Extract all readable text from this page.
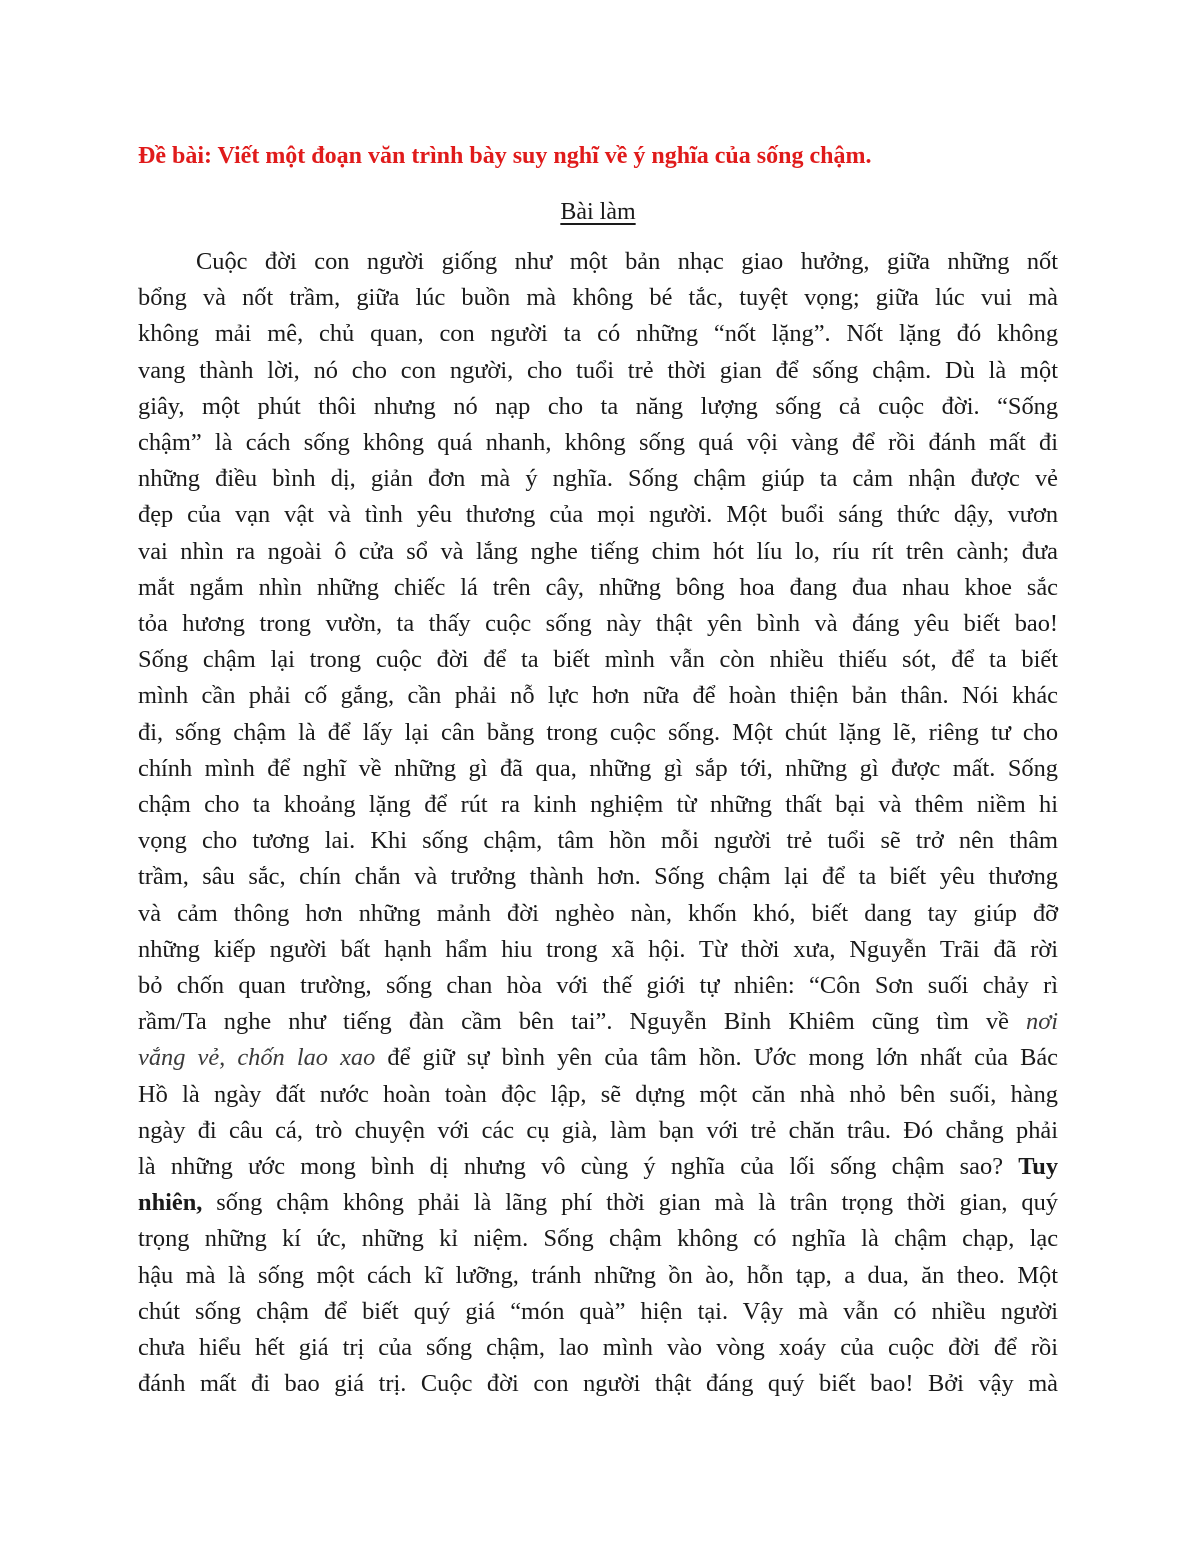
Đề bài: Viết một đoạn văn trình bày suy nghĩ về ý nghĩa của sống chậm.

Bài làm
Cuộc đời con người giống như một bản nhạc giao hưởng, giữa những nốt
bổng và nốt trầm, giữa lúc buồn mà không bé tắc, tuyệt vọng; giữa lúc vui mà
không mải mê, chủ quan, con người ta có những “nốt lặng”. Nốt lặng đó không
vang thành lời, nó cho con người, cho tuổi trẻ thời gian để sống chậm. Dù là một
giây, một phút thôi nhưng nó nạp cho ta năng lượng sống cả cuộc đời. “Sống
chậm” là cách sống không quá nhanh, không sống quá vội vàng để rồi đánh mất đi
những điều bình dị, giản đơn mà ý nghĩa. Sống chậm giúp ta cảm nhận được vẻ
đẹp của vạn vật và tình yêu thương của mọi người. Một buổi sáng thức dậy, vươn
vai nhìn ra ngoài ô cửa sổ và lắng nghe tiếng chim hót líu lo, ríu rít trên cành; đưa
mắt ngắm nhìn những chiếc lá trên cây, những bông hoa đang đua nhau khoe sắc
tỏa hương trong vườn, ta thấy cuộc sống này thật yên bình và đáng yêu biết bao!
Sống chậm lại trong cuộc đời để ta biết mình vẫn còn nhiều thiếu sót, để ta biết
mình cần phải cố gắng, cần phải nỗ lực hơn nữa để hoàn thiện bản thân. Nói khác
đi, sống chậm là để lấy lại cân bằng trong cuộc sống. Một chút lặng lẽ, riêng tư cho
chính mình để nghĩ về những gì đã qua, những gì sắp tới, những gì được mất. Sống
chậm cho ta khoảng lặng để rút ra kinh nghiệm từ những thất bại và thêm niềm hi
vọng cho tương lai. Khi sống chậm, tâm hồn mỗi người trẻ tuổi sẽ trở nên thâm
trầm, sâu sắc, chín chắn và trưởng thành hơn. Sống chậm lại để ta biết yêu thương
và cảm thông hơn những mảnh đời nghèo nàn, khốn khó, biết dang tay giúp đỡ
những kiếp người bất hạnh hẩm hiu trong xã hội. Từ thời xưa, Nguyễn Trãi đã rời
bỏ chốn quan trường, sống chan hòa với thế giới tự nhiên: “Côn Sơn suối chảy rì
rầm/Ta nghe như tiếng đàn cầm bên tai”. Nguyễn Bỉnh Khiêm cũng tìm về nơi
vắng vẻ, chốn lao xao để giữ sự bình yên của tâm hồn. Ước mong lớn nhất của Bác
Hồ là ngày đất nước hoàn toàn độc lập, sẽ dựng một căn nhà nhỏ bên suối, hàng
ngày đi câu cá, trò chuyện với các cụ già, làm bạn với trẻ chăn trâu. Đó chẳng phải
là những ước mong bình dị nhưng vô cùng ý nghĩa của lối sống chậm sao? Tuy
nhiên, sống chậm không phải là lãng phí thời gian mà là trân trọng thời gian, quý
trọng những kí ức, những kỉ niệm. Sống chậm không có nghĩa là chậm chạp, lạc
hậu mà là sống một cách kĩ lưỡng, tránh những ồn ào, hỗn tạp, a dua, ăn theo. Một
chút sống chậm để biết quý giá “món quà” hiện tại. Vậy mà vẫn có nhiều người
chưa hiểu hết giá trị của sống chậm, lao mình vào vòng xoáy của cuộc đời để rồi
đánh mất đi bao giá trị. Cuộc đời con người thật đáng quý biết bao! Bởi vậy mà
